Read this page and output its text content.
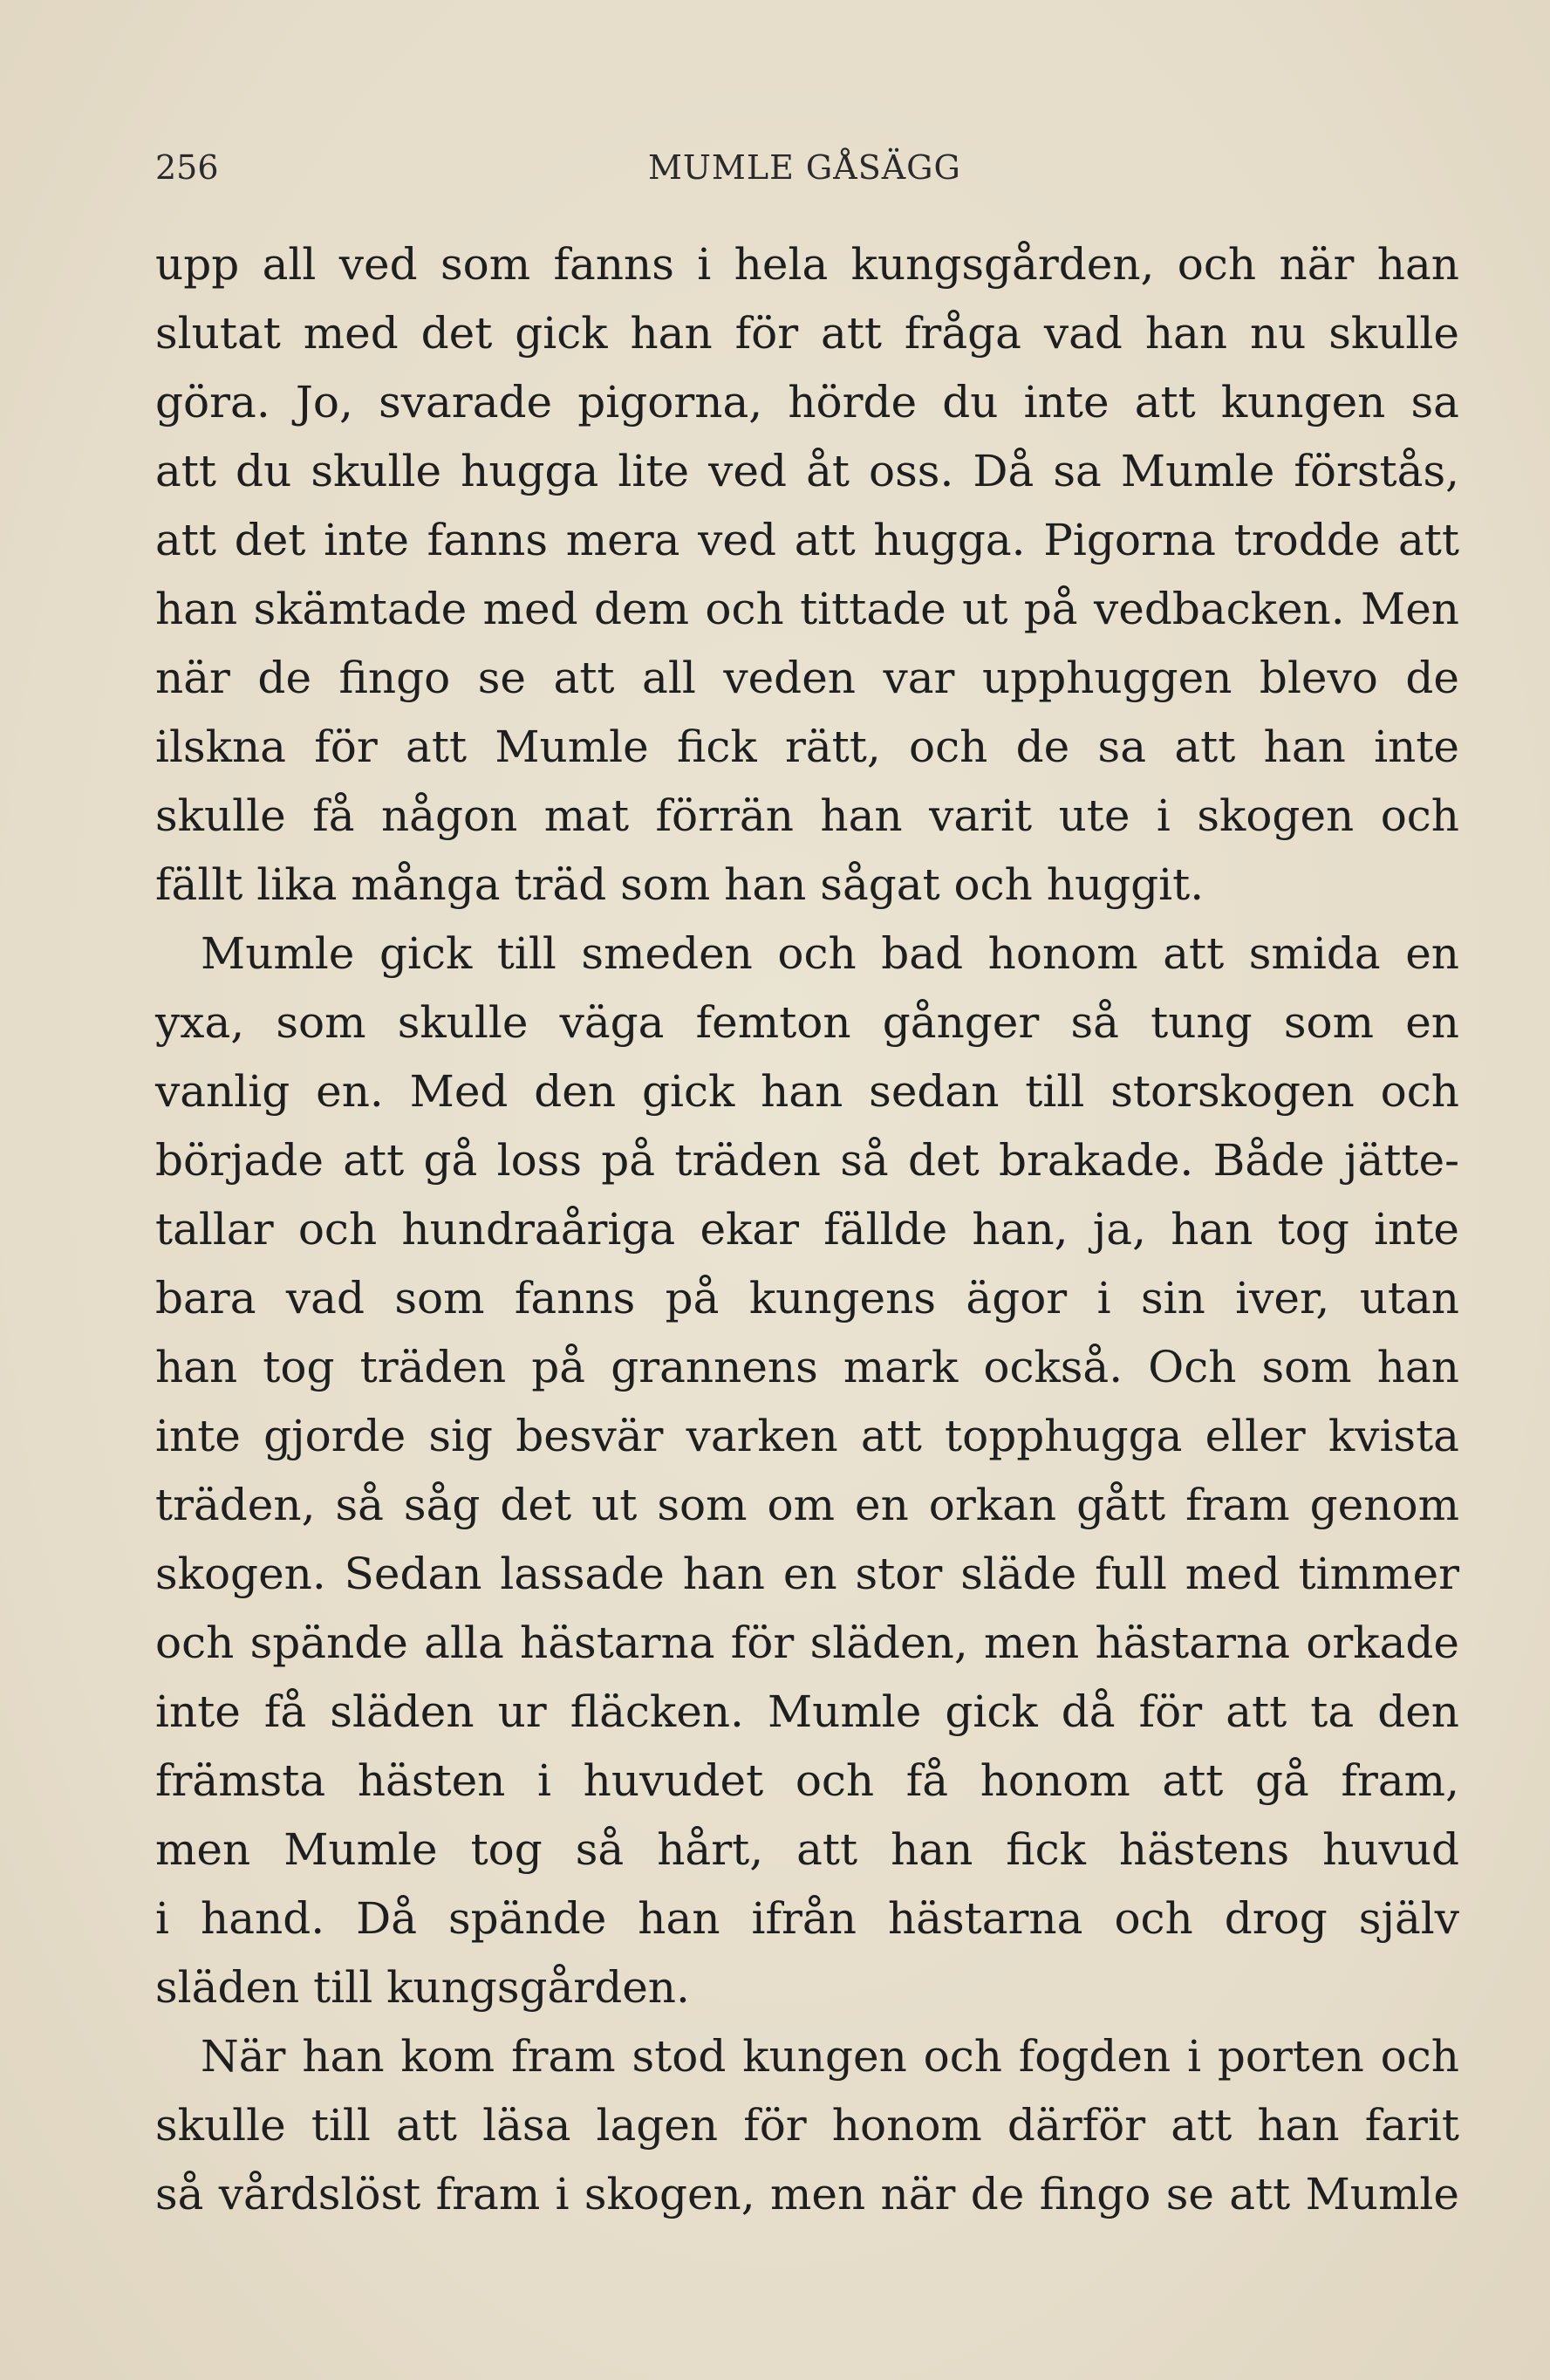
256	MUMLE GÅSÄGG
upp all ved som fanns i hela kungsgården, och när han
slutat med det gick han för att fråga vad han nu skulle
göra. Jo, svarade pigorna, hörde du inte att kungen sa
att du skulle hugga lite ved åt oss. Då sa Mumle förstås,
att det inte fanns mera ved att hugga. Pigorna trodde att
han skämtade med dem och tittade ut på vedbacken. Men
när de fingo se att all veden var upphuggen blevo de
ilskna för att Mumle fick rätt, och de sa att han inte
skulle få någon mat förrän han varit ute i skogen och
fällt lika många träd som han sågat och huggit.
Mumle gick till smeden och bad honom att smida en
yxa, som skulle väga femton gånger så tung som en
vanlig en. Med den gick han sedan till storskogen och
började att gå loss på träden så det brakade. Både jätte-
tallar och hundraåriga ekar fällde han, ja, han tog inte
bara vad som fanns på kungens ägor i sin iver, utan
han tog träden på grannens mark också. Och som han
inte gjorde sig besvär varken att topphugga eller kvista
träden, så såg det ut som om en orkan gått fram genom
skogen. Sedan lassade han en stor släde full med timmer
och spände alla hästarna för släden, men hästarna orkade
inte få släden ur fläcken. Mumle gick då för att ta den
främsta hästen i huvudet och få honom att gå fram,
men Mumle tog så hårt, att han fick hästens huvud
i hand. Då spände han ifrån hästarna och drog själv
släden till kungsgården.
När han kom fram stod kungen och fogden i porten och
skulle till att läsa lagen för honom därför att han farit
så vårdslöst fram i skogen, men när de fingo se att Mumle
